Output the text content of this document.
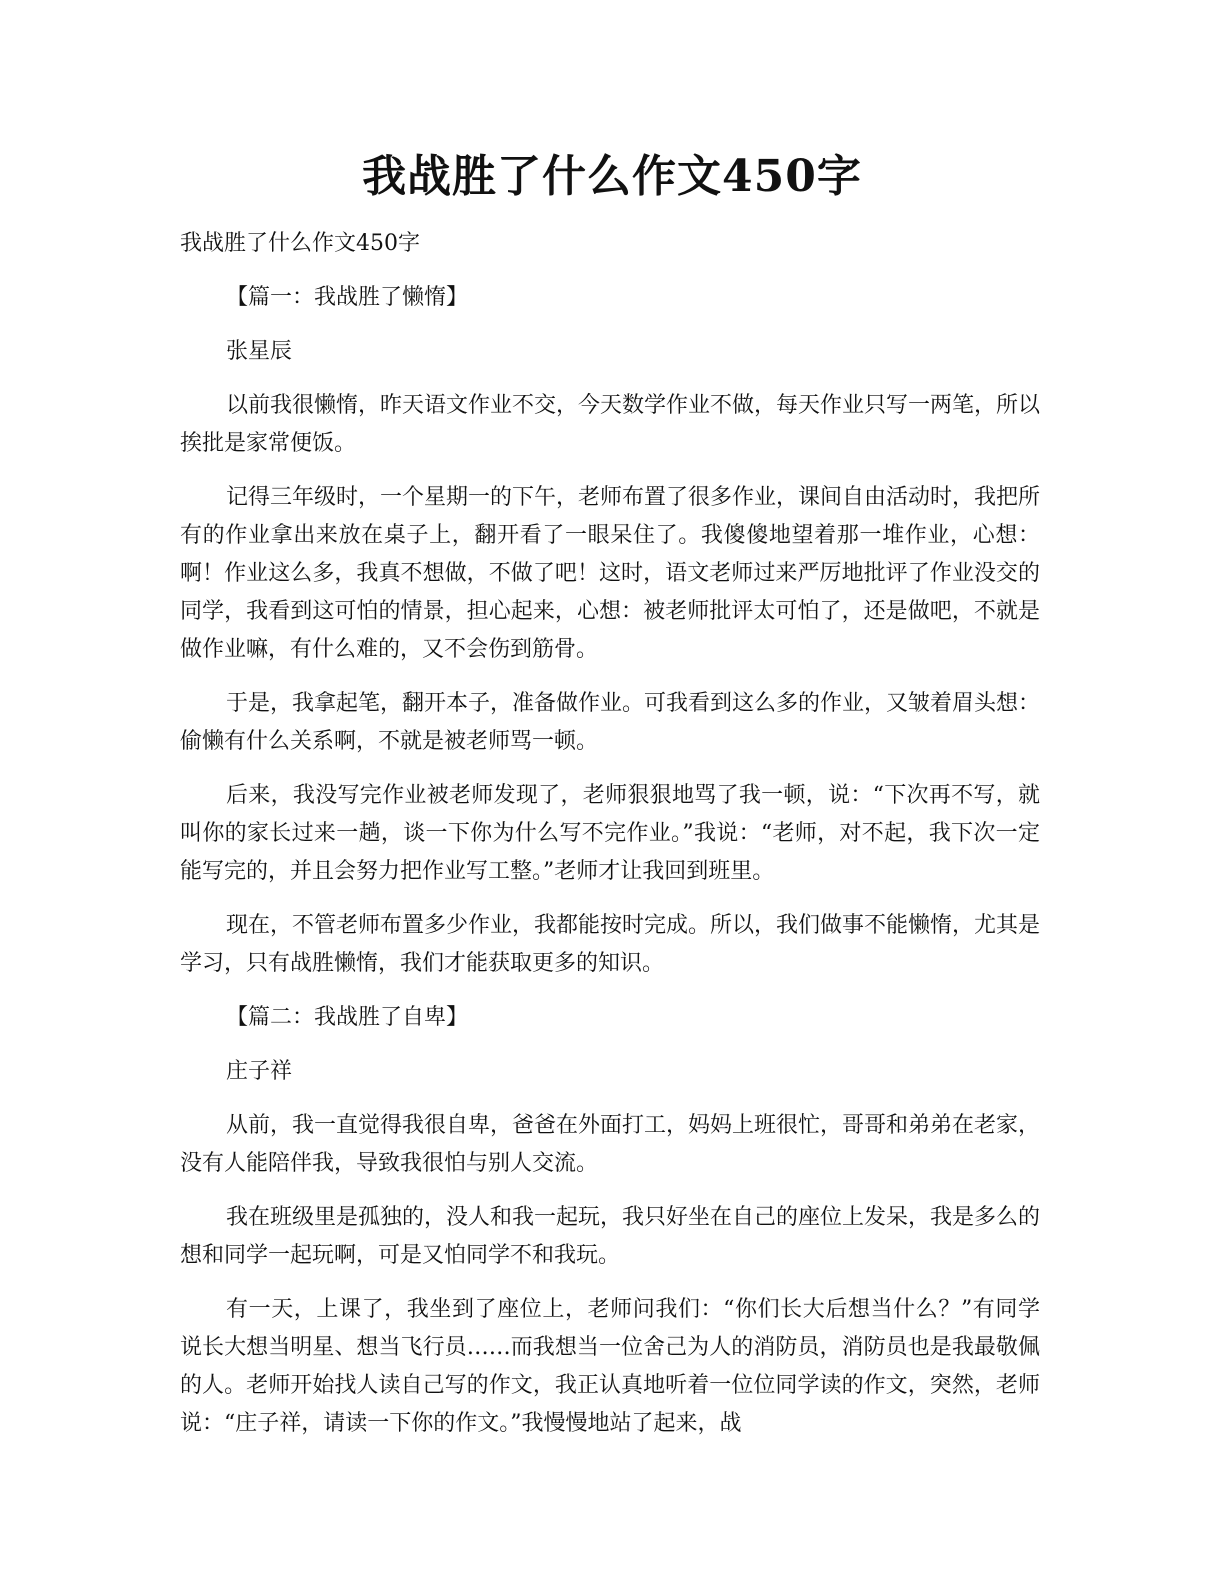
我战胜了什么作文450字

我战胜了什么作文450字

【篇一：我战胜了懒惰】

张星辰

以前我很懒惰，昨天语文作业不交，今天数学作业不做，每天作业只写一两笔，所以挨批是家常便饭。

记得三年级时，一个星期一的下午，老师布置了很多作业，课间自由活动时，我把所有的作业拿出来放在桌子上，翻开看了一眼呆住了。我傻傻地望着那一堆作业，心想：啊！作业这么多，我真不想做，不做了吧！这时，语文老师过来严厉地批评了作业没交的同学，我看到这可怕的情景，担心起来，心想：被老师批评太可怕了，还是做吧，不就是做作业嘛，有什么难的，又不会伤到筋骨。

于是，我拿起笔，翻开本子，准备做作业。可我看到这么多的作业，又皱着眉头想：偷懒有什么关系啊，不就是被老师骂一顿。

后来，我没写完作业被老师发现了，老师狠狠地骂了我一顿，说：“下次再不写，就叫你的家长过来一趟，谈一下你为什么写不完作业。”我说：“老师，对不起，我下次一定能写完的，并且会努力把作业写工整。”老师才让我回到班里。

现在，不管老师布置多少作业，我都能按时完成。所以，我们做事不能懒惰，尤其是学习，只有战胜懒惰，我们才能获取更多的知识。

【篇二：我战胜了自卑】

庄子祥

从前，我一直觉得我很自卑，爸爸在外面打工，妈妈上班很忙，哥哥和弟弟在老家，没有人能陪伴我，导致我很怕与别人交流。

我在班级里是孤独的，没人和我一起玩，我只好坐在自己的座位上发呆，我是多么的想和同学一起玩啊，可是又怕同学不和我玩。

有一天，上课了，我坐到了座位上，老师问我们：“你们长大后想当什么？”有同学说长大想当明星、想当飞行员……而我想当一位舍己为人的消防员，消防员也是我最敬佩的人。老师开始找人读自己写的作文，我正认真地听着一位位同学读的作文，突然，老师说：“庄子祥，请读一下你的作文。”我慢慢地站了起来，战
